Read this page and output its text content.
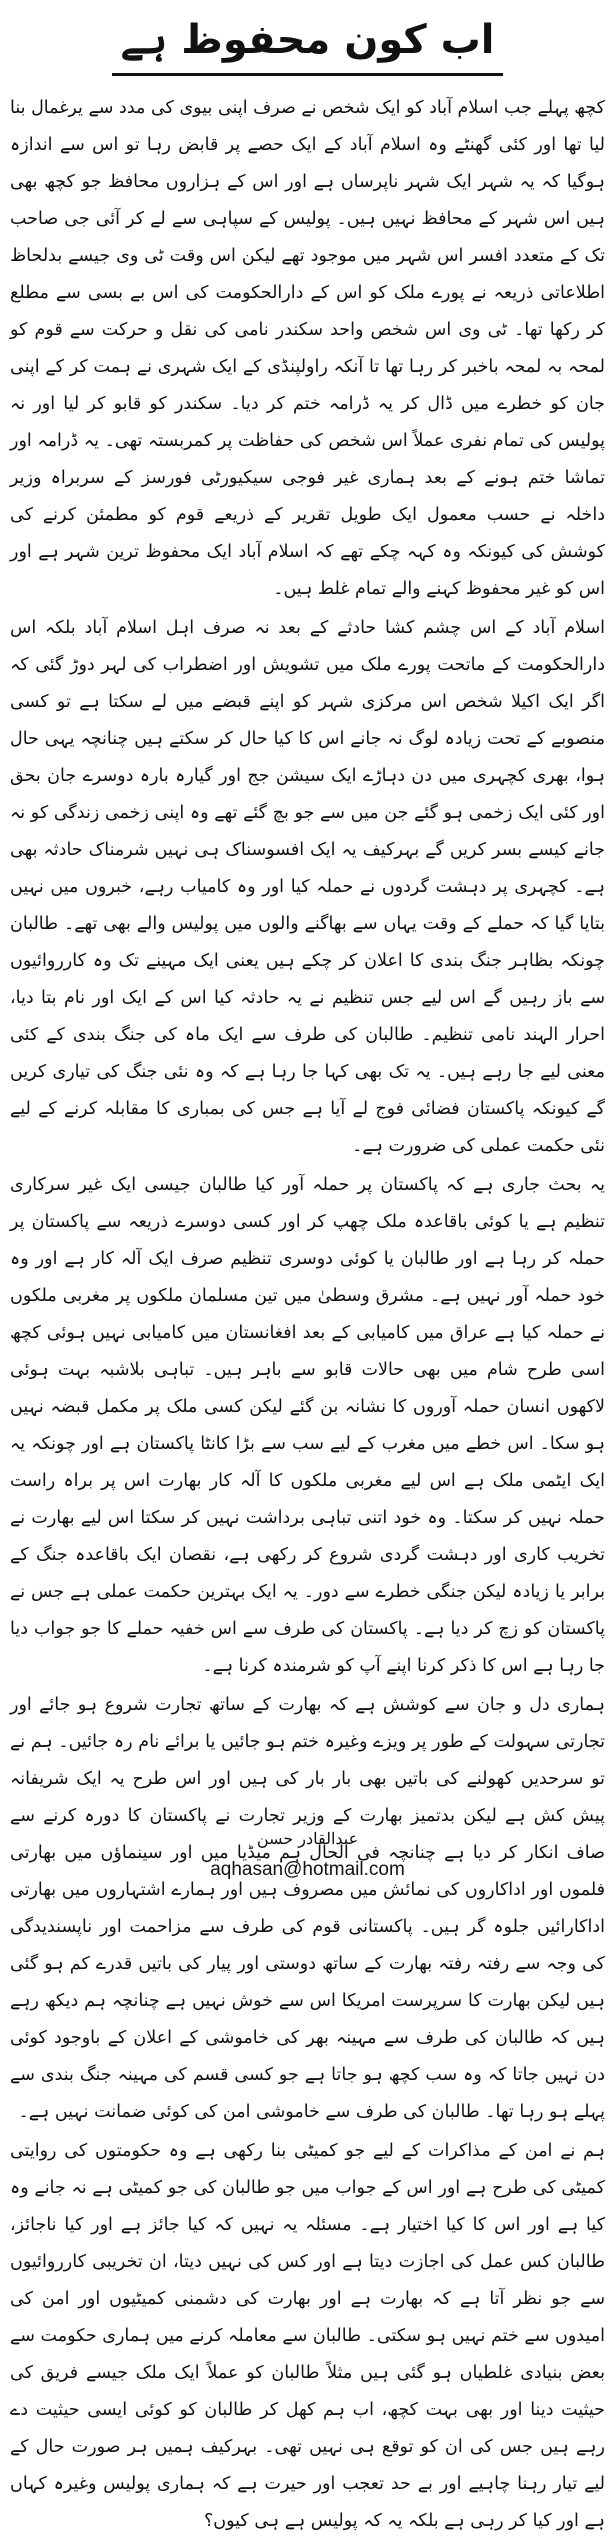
اب کون محفوظ ہے

کچھ پہلے جب اسلام آباد کو ایک شخص نے صرف اپنی بیوی کی مدد سے یرغمال بنا لیا تھا اور کئی گھنٹے وہ اسلام آباد کے ایک حصے پر قابض رہا تو اس سے اندازہ ہوگیا کہ یہ شہر ایک شہر ناپرساں ہے اور اس کے ہزاروں محافظ جو کچھ بھی ہیں اس شہر کے محافظ نہیں ہیں۔ پولیس کے سپاہی سے لے کر آئی جی صاحب تک کے متعدد افسر اس شہر میں موجود تھے لیکن اس وقت ٹی وی جیسے بدلحاظ اطلاعاتی ذریعہ نے پورے ملک کو اس کے دارالحکومت کی اس بے بسی سے مطلع کر رکھا تھا۔ ٹی وی اس شخص واحد سکندر نامی کی نقل و حرکت سے قوم کو لمحہ بہ لمحہ باخبر کر رہا تھا تا آنکہ راولپنڈی کے ایک شہری نے ہمت کر کے اپنی جان کو خطرے میں ڈال کر یہ ڈرامہ ختم کر دیا۔ سکندر کو قابو کر لیا اور نہ پولیس کی تمام نفری عملاً اس شخص کی حفاظت پر کمربستہ تھی۔ یہ ڈرامہ اور تماشا ختم ہونے کے بعد ہماری غیر فوجی سیکیورٹی فورسز کے سربراہ وزیر داخلہ نے حسب معمول ایک طویل تقریر کے ذریعے قوم کو مطمئن کرنے کی کوشش کی کیونکہ وہ کہہ چکے تھے کہ اسلام آباد ایک محفوظ ترین شہر ہے اور اس کو غیر محفوظ کہنے والے تمام غلط ہیں۔

اسلام آباد کے اس چشم کشا حادثے کے بعد نہ صرف اہل اسلام آباد بلکہ اس دارالحکومت کے ماتحت پورے ملک میں تشویش اور اضطراب کی لہر دوڑ گئی کہ اگر ایک اکیلا شخص اس مرکزی شہر کو اپنے قبضے میں لے سکتا ہے تو کسی منصوبے کے تحت زیادہ لوگ نہ جانے اس کا کیا حال کر سکتے ہیں چنانچہ یہی حال ہوا، بھری کچہری میں دن دہاڑے ایک سیشن جج اور گیارہ بارہ دوسرے جان بحق اور کئی ایک زخمی ہو گئے جن میں سے جو بچ گئے تھے وہ اپنی زخمی زندگی کو نہ جانے کیسے بسر کریں گے بہرکیف یہ ایک افسوسناک ہی نہیں شرمناک حادثہ بھی ہے۔ کچہری پر دہشت گردوں نے حملہ کیا اور وہ کامیاب رہے، خبروں میں نہیں بتایا گیا کہ حملے کے وقت یہاں سے بھاگنے والوں میں پولیس والے بھی تھے۔ طالبان چونکہ بظاہر جنگ بندی کا اعلان کر چکے ہیں یعنی ایک مہینے تک وہ کارروائیوں سے باز رہیں گے اس لیے جس تنظیم نے یہ حادثہ کیا اس کے ایک اور نام بتا دیا، احرار الہند نامی تنظیم۔ طالبان کی طرف سے ایک ماہ کی جنگ بندی کے کئی معنی لیے جا رہے ہیں۔ یہ تک بھی کہا جا رہا ہے کہ وہ نئی جنگ کی تیاری کریں گے کیونکہ پاکستان فضائی فوج لے آیا ہے جس کی بمباری کا مقابلہ کرنے کے لیے نئی حکمت عملی کی ضرورت ہے۔

یہ بحث جاری ہے کہ پاکستان پر حملہ آور کیا طالبان جیسی ایک غیر سرکاری تنظیم ہے یا کوئی باقاعدہ ملک چھپ کر اور کسی دوسرے ذریعہ سے پاکستان پر حملہ کر رہا ہے اور طالبان یا کوئی دوسری تنظیم صرف ایک آلہ کار ہے اور وہ خود حملہ آور نہیں ہے۔ مشرق وسطیٰ میں تین مسلمان ملکوں پر مغربی ملکوں نے حملہ کیا ہے عراق میں کامیابی کے بعد افغانستان میں کامیابی نہیں ہوئی کچھ اسی طرح شام میں بھی حالات قابو سے باہر ہیں۔ تباہی بلاشبہ بہت ہوئی لاکھوں انسان حملہ آوروں کا نشانہ بن گئے لیکن کسی ملک پر مکمل قبضہ نہیں ہو سکا۔ اس خطے میں مغرب کے لیے سب سے بڑا کانٹا پاکستان ہے اور چونکہ یہ ایک ایٹمی ملک ہے اس لیے مغربی ملکوں کا آلہ کار بھارت اس پر براہ راست حملہ نہیں کر سکتا۔ وہ خود اتنی تباہی برداشت نہیں کر سکتا اس لیے بھارت نے تخریب کاری اور دہشت گردی شروع کر رکھی ہے، نقصان ایک باقاعدہ جنگ کے برابر یا زیادہ لیکن جنگی خطرے سے دور۔ یہ ایک بہترین حکمت عملی ہے جس نے پاکستان کو زچ کر دیا ہے۔ پاکستان کی طرف سے اس خفیہ حملے کا جو جواب دیا جا رہا ہے اس کا ذکر کرنا اپنے آپ کو شرمندہ کرنا ہے۔

ہماری دل و جان سے کوشش ہے کہ بھارت کے ساتھ تجارت شروع ہو جائے اور تجارتی سہولت کے طور پر ویزے وغیرہ ختم ہو جائیں یا برائے نام رہ جائیں۔ ہم نے تو سرحدیں کھولنے کی باتیں بھی بار بار کی ہیں اور اس طرح یہ ایک شریفانہ پیش کش ہے لیکن بدتمیز بھارت کے وزیر تجارت نے پاکستان کا دورہ کرنے سے صاف انکار کر دیا ہے چنانچہ فی الحال ہم میڈیا میں اور سینماؤں میں بھارتی فلموں اور اداکاروں کی نمائش میں مصروف ہیں اور ہمارے اشتہاروں میں بھارتی اداکارائیں جلوہ گر ہیں۔ پاکستانی قوم کی طرف سے مزاحمت اور ناپسندیدگی کی وجہ سے رفتہ رفتہ بھارت کے ساتھ دوستی اور پیار کی باتیں قدرے کم ہو گئی ہیں لیکن بھارت کا سرپرست امریکا اس سے خوش نہیں ہے چنانچہ ہم دیکھ رہے ہیں کہ طالبان کی طرف سے مہینہ بھر کی خاموشی کے اعلان کے باوجود کوئی دن نہیں جاتا کہ وہ سب کچھ ہو جاتا ہے جو کسی قسم کی مہینہ جنگ بندی سے پہلے ہو رہا تھا۔ طالبان کی طرف سے خاموشی امن کی کوئی ضمانت نہیں ہے۔

ہم نے امن کے مذاکرات کے لیے جو کمیٹی بنا رکھی ہے وہ حکومتوں کی روایتی کمیٹی کی طرح ہے اور اس کے جواب میں جو طالبان کی جو کمیٹی ہے نہ جانے وہ کیا ہے اور اس کا کیا اختیار ہے۔ مسئلہ یہ نہیں کہ کیا جائز ہے اور کیا ناجائز، طالبان کس عمل کی اجازت دیتا ہے اور کس کی نہیں دیتا، ان تخریبی کارروائیوں سے جو نظر آتا ہے کہ بھارت ہے اور بھارت کی دشمنی کمیٹیوں اور امن کی امیدوں سے ختم نہیں ہو سکتی۔ طالبان سے معاملہ کرنے میں ہماری حکومت سے بعض بنیادی غلطیاں ہو گئی ہیں مثلاً طالبان کو عملاً ایک ملک جیسے فریق کی حیثیت دینا اور بھی بہت کچھ، اب ہم کھل کر طالبان کو کوئی ایسی حیثیت دے رہے ہیں جس کی ان کو توقع ہی نہیں تھی۔ بہرکیف ہمیں ہر صورت حال کے لیے تیار رہنا چاہیے اور بے حد تعجب اور حیرت ہے کہ ہماری پولیس وغیرہ کہاں ہے اور کیا کر رہی ہے بلکہ یہ کہ پولیس ہے ہی کیوں؟

عبدالقادر حسن
aqhasan@hotmail.com
